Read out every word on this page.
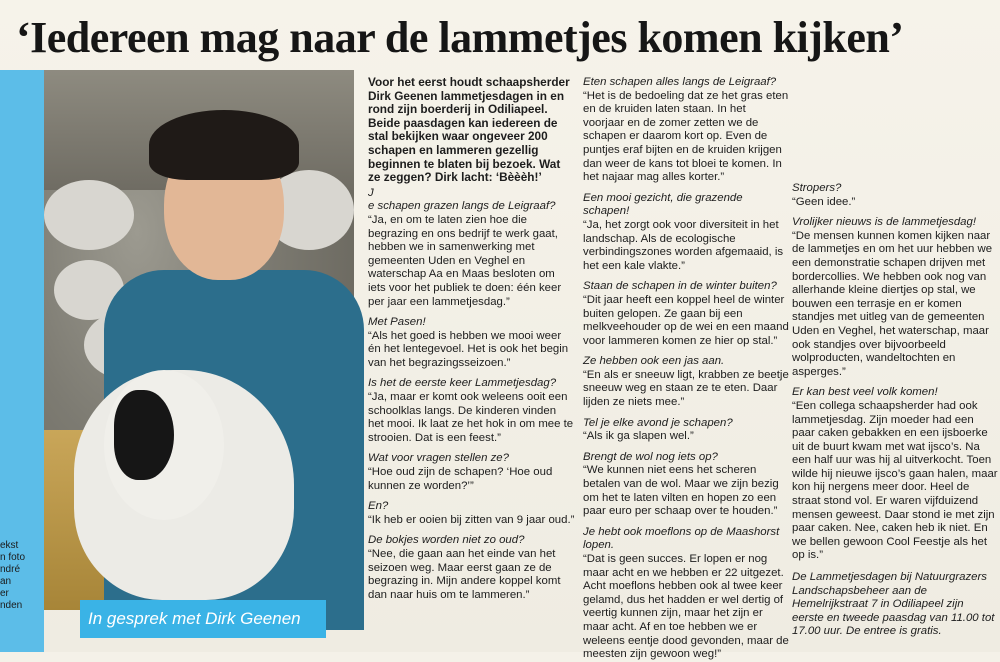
ekst
n foto
ndré
an
er
nden
‘Iedereen mag naar de lammetjes komen kijken’
In gesprek met Dirk Geenen

Voor het eerst houdt schaapsherder Dirk Geenen lammetjesdagen in en rond zijn boerderij in Odiliapeel. Beide paasdagen kan iedereen de stal bekijken waar ongeveer 200 schapen en lammeren gezellig beginnen te blaten bij bezoek. Wat ze zeggen? Dirk lacht: ‘Bèèèh!’

J
e schapen grazen langs de Leigraaf?

“Ja, en om te laten zien hoe die begrazing en ons bedrijf te werk gaat, hebben we in samenwerking met gemeenten Uden en Veghel en waterschap Aa en Maas besloten om iets voor het publiek te doen: één keer per jaar een lammetjesdag.”

Met Pasen!

“Als het goed is hebben we mooi weer én het lentegevoel. Het is ook het begin van het begrazingsseizoen.”

Is het de eerste keer Lammetjesdag?

“Ja, maar er komt ook weleens ooit een schoolklas langs. De kinderen vinden het mooi. Ik laat ze het hok in om mee te strooien. Dat is een feest.”

Wat voor vragen stellen ze?

“Hoe oud zijn de schapen? ‘Hoe oud kunnen ze worden?’”

En?

“Ik heb er ooien bij zitten van 9 jaar oud.”

De bokjes worden niet zo oud?

“Nee, die gaan aan het einde van het seizoen weg. Maar eerst gaan ze de begrazing in. Mijn andere koppel komt dan naar huis om te lammeren.”

Eten schapen alles langs de Leigraaf?

“Het is de bedoeling dat ze het gras eten en de kruiden laten staan. In het voorjaar en de zomer zetten we de schapen er daarom kort op. Even de puntjes eraf bijten en de kruiden krijgen dan weer de kans tot bloei te komen. In het najaar mag alles korter.”

Een mooi gezicht, die grazende schapen!

“Ja, het zorgt ook voor diversiteit in het landschap. Als de ecologische verbindingszones worden afgemaaid, is het een kale vlakte.”

Staan de schapen in de winter buiten?

“Dit jaar heeft een koppel heel de winter buiten gelopen. Ze gaan bij een melkveehouder op de wei en een maand voor lammeren komen ze hier op stal.”

Ze hebben ook een jas aan.

“En als er sneeuw ligt, krabben ze beetje sneeuw weg en staan ze te eten. Daar lijden ze niets mee.”

Tel je elke avond je schapen?

“Als ik ga slapen wel.”

Brengt de wol nog iets op?

“We kunnen niet eens het scheren betalen van de wol. Maar we zijn bezig om het te laten vilten en hopen zo een paar euro per schaap over te houden.”

Je hebt ook moeflons op de Maashorst lopen.

“Dat is geen succes. Er lopen er nog maar acht en we hebben er 22 uitgezet. Acht moeflons hebben ook al twee keer gelamd, dus het hadden er wel dertig of veertig kunnen zijn, maar het zijn er maar acht. Af en toe hebben we er weleens eentje dood gevonden, maar de meesten zijn gewoon weg!”

Stropers?

“Geen idee.”

Vrolijker nieuws is de lammetjesdag!

“De mensen kunnen komen kijken naar de lammetjes en om het uur hebben we een demonstratie schapen drijven met bordercollies. We hebben ook nog van allerhande kleine diertjes op stal, we bouwen een terrasje en er komen standjes met uitleg van de gemeenten Uden en Veghel, het waterschap, maar ook standjes over bijvoorbeeld wolproducten, wandeltochten en asperges.”

Er kan best veel volk komen!

“Een collega schaapsherder had ook lammetjesdag. Zijn moeder had een paar caken gebakken en een ijsboerke uit de buurt kwam met wat ijsco’s. Na een half uur was hij al uitverkocht. Toen wilde hij nieuwe ijsco’s gaan halen, maar kon hij nergens meer door. Heel de straat stond vol. Er waren vijfduizend mensen geweest. Daar stond ie met zijn paar caken. Nee, caken heb ik niet. En we bellen gewoon Cool Feestje als het op is.”

De Lammetjesdagen bij Natuurgrazers Landschapsbeheer aan de Hemelrijkstraat 7 in Odiliapeel zijn eerste en tweede paasdag van 11.00 tot 17.00 uur. De entree is gratis.
